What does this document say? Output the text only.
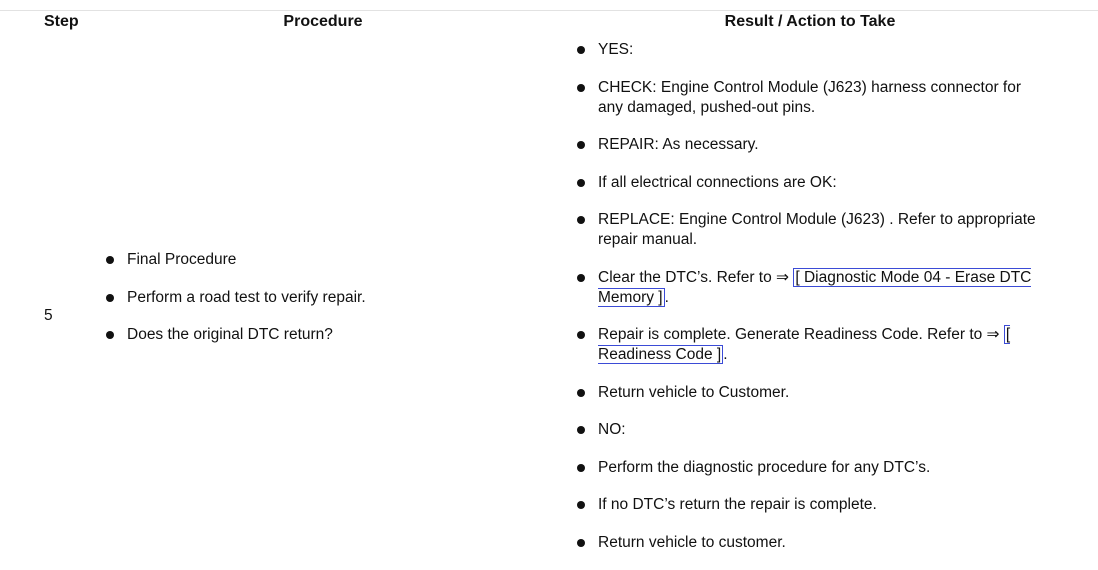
Step	Procedure	Result / Action to Take
5
Final Procedure
Perform a road test to verify repair.
Does the original DTC return?
YES:
CHECK: Engine Control Module (J623) harness connector for any damaged, pushed-out pins.
REPAIR: As necessary.
If all electrical connections are OK:
REPLACE: Engine Control Module (J623) . Refer to appropriate repair manual.
Clear the DTC’s. Refer to ⇒ [ Diagnostic Mode 04 - Erase DTC Memory ] .
Repair is complete. Generate Readiness Code. Refer to ⇒ [ Readiness Code ] .
Return vehicle to Customer.
NO:
Perform the diagnostic procedure for any DTC’s.
If no DTC’s return the repair is complete.
Return vehicle to customer.
